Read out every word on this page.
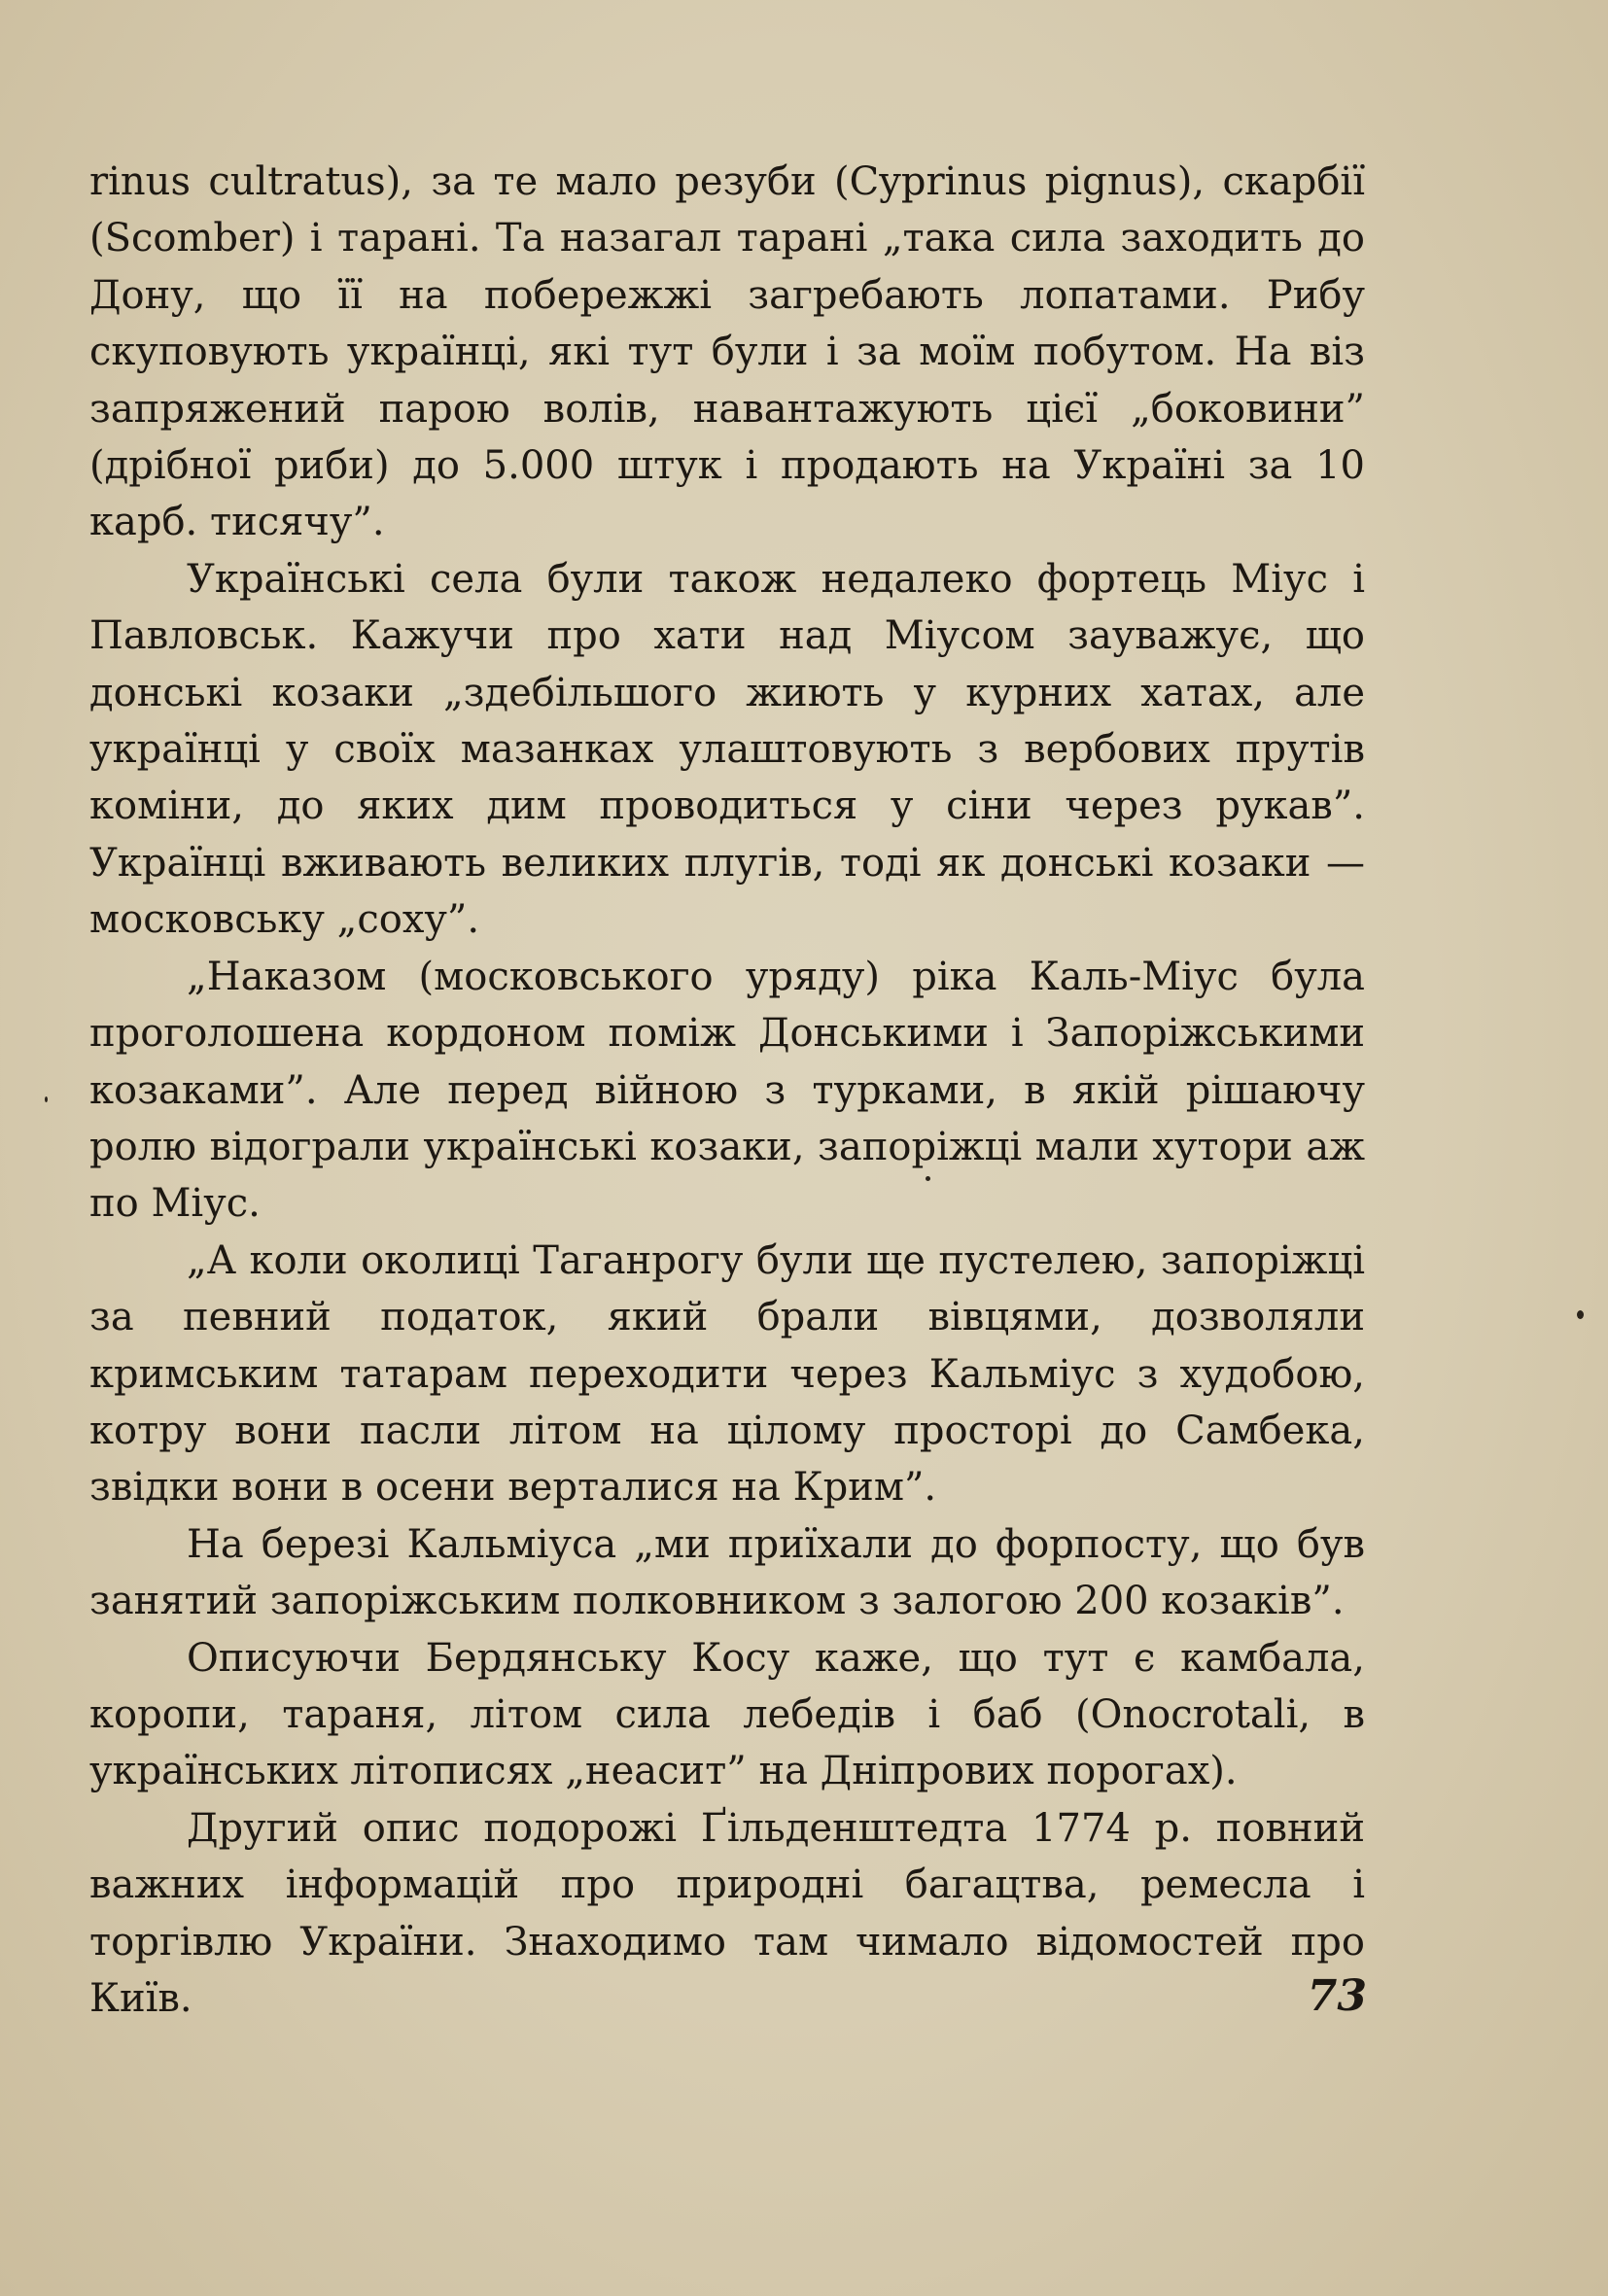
rinus cultratus), за те мало резуби (Cyprinus pignus), скарбії (Scomber) і тарані. Та назагал тарані „така сила заходить до Дону, що її на побережжі загребають лопатами. Рибу скуповують українці, які тут були і за моїм побутом. На віз запряжений парою волів, навантажують цієї „боковини” (дрібної риби) до 5.000 штук і продають на Україні за 10 карб. тисячу”.

Українські села були також недалеко фортець Міус і Павловськ. Кажучи про хати над Міусом зауважує, що донські козаки „здебільшого жиють у курних хатах, але українці у своїх мазанках улаштовують з вербових прутів коміни, до яких дим проводиться у сіни через рукав”. Українці вживають великих плугів, тоді як донські козаки — московську „соху”.

„Наказом (московського уряду) ріка Каль-Міус була проголошена кордоном поміж Донськими і Запоріжськими козаками”. Але перед війною з турками, в якій рішаючу ролю відограли українські козаки, запоріжці мали хутори аж по Міус.

„А коли околиці Таганрогу були ще пустелею, запоріжці за певний податок, який брали вівцями, дозволяли кримським татарам переходити через Кальміус з худобою, котру вони пасли літом на цілому просторі до Самбека, звідки вони в осени верталися на Крим”.

На березі Кальміуса „ми приїхали до форпосту, що був занятий запоріжським полковником з залогою 200 козаків”.

Описуючи Бердянську Косу каже, що тут є камбала, коропи, тараня, літом сила лебедів і баб (Onocrotali, в українських літописях „неасит” на Дніпрових порогах).

Другий опис подорожі Ґільденштедта 1774 р. повний важних інформацій про природні багацтва, ремесла і торгівлю України. Знаходимо там чимало відомостей про Київ.	73
